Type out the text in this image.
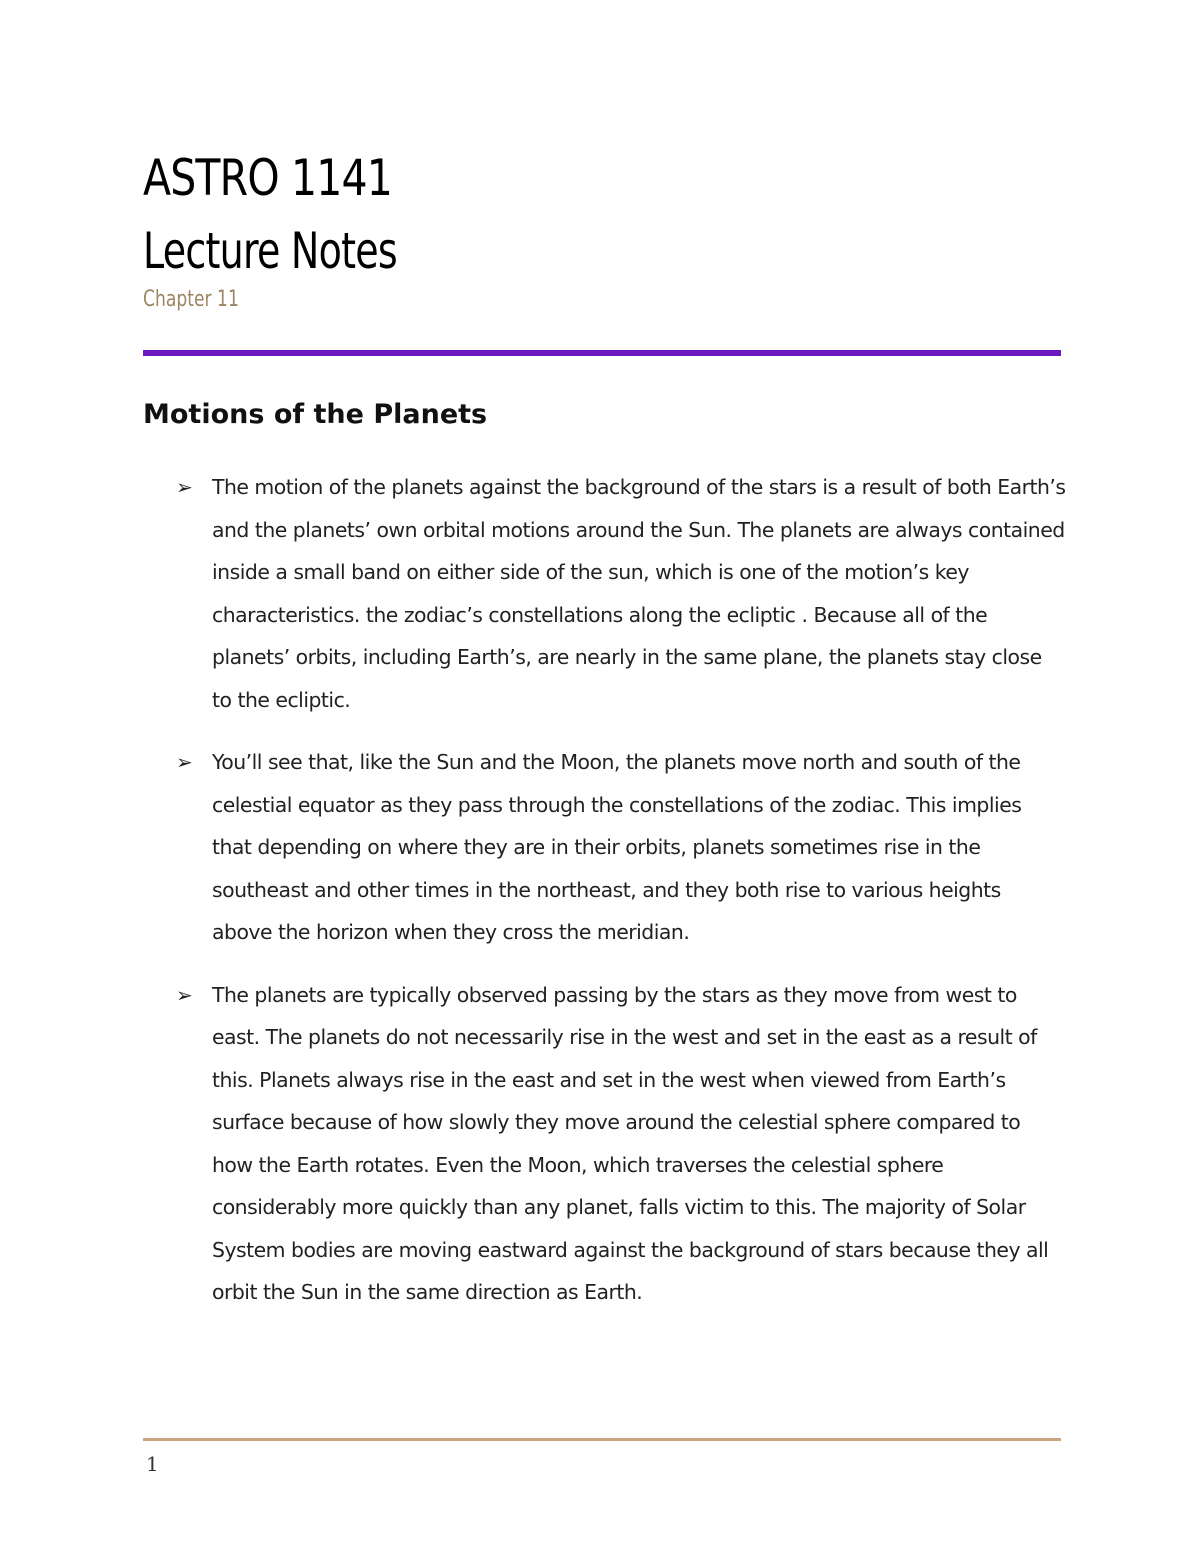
ASTRO 1141
Lecture Notes
Chapter 11
Motions of the Planets
➢ The motion of the planets against the background of the stars is a result of both Earth’s and the planets’ own orbital motions around the Sun. The planets are always contained inside a small band on either side of the sun, which is one of the motion’s key characteristics. the zodiac’s constellations along the ecliptic . Because all of the planets’ orbits, including Earth’s, are nearly in the same plane, the planets stay close to the ecliptic.
➢ You’ll see that, like the Sun and the Moon, the planets move north and south of the celestial equator as they pass through the constellations of the zodiac. This implies that depending on where they are in their orbits, planets sometimes rise in the southeast and other times in the northeast, and they both rise to various heights above the horizon when they cross the meridian.
➢ The planets are typically observed passing by the stars as they move from west to east. The planets do not necessarily rise in the west and set in the east as a result of this. Planets always rise in the east and set in the west when viewed from Earth’s surface because of how slowly they move around the celestial sphere compared to how the Earth rotates. Even the Moon, which traverses the celestial sphere considerably more quickly than any planet, falls victim to this. The majority of Solar System bodies are moving eastward against the background of stars because they all orbit the Sun in the same direction as Earth.
1
